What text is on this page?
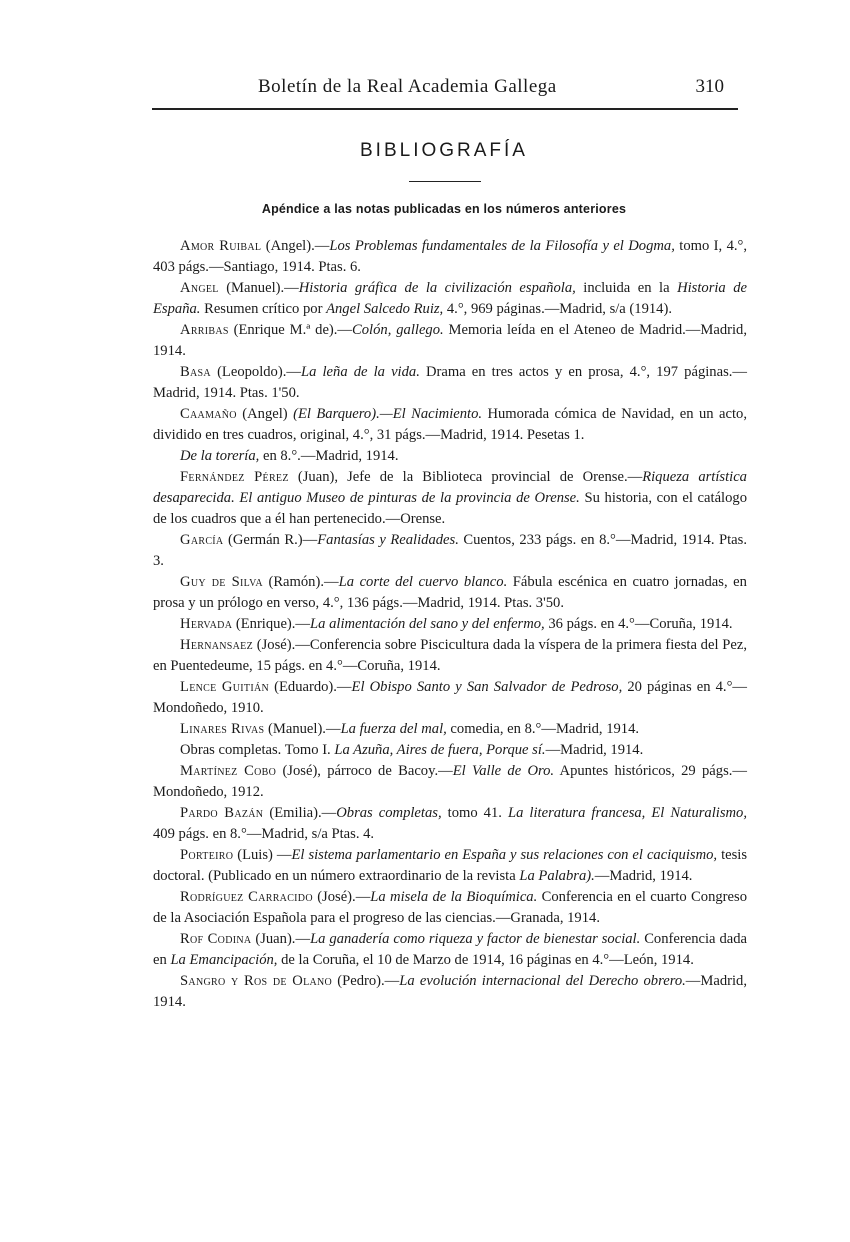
Boletín de la Real Academia Gallega	310
BIBLIOGRAFÍA
Apéndice a las notas publicadas en los números anteriores

Amor Ruibal (Angel).—Los Problemas fundamentales de la Filosofía y el Dogma, tomo I, 4.°, 403 págs.—Santiago, 1914. Ptas. 6.

Angel (Manuel).—Historia gráfica de la civilización española, incluida en la Historia de España. Resumen crítico por Angel Salcedo Ruiz, 4.°, 969 páginas.—Madrid, s/a (1914).

Arribas (Enrique M.ª de).—Colón, gallego. Memoria leída en el Ateneo de Madrid.—Madrid, 1914.

Basa (Leopoldo).—La leña de la vida. Drama en tres actos y en prosa, 4.°, 197 páginas.—Madrid, 1914. Ptas. 1'50.

Caamaño (Angel) (El Barquero).—El Nacimiento. Humorada cómica de Navidad, en un acto, dividido en tres cuadros, original, 4.°, 31 págs.—Madrid, 1914. Pesetas 1.

De la torería, en 8.°.—Madrid, 1914.

Fernández Pérez (Juan), Jefe de la Biblioteca provincial de Orense.—Riqueza artística desaparecida. El antiguo Museo de pinturas de la provincia de Orense. Su historia, con el catálogo de los cuadros que a él han pertenecido.—Orense.

García (Germán R.)—Fantasías y Realidades. Cuentos, 233 págs. en 8.°—Madrid, 1914. Ptas. 3.

Guy de Silva (Ramón).—La corte del cuervo blanco. Fábula escénica en cuatro jornadas, en prosa y un prólogo en verso, 4.°, 136 págs.—Madrid, 1914. Ptas. 3'50.

Hervada (Enrique).—La alimentación del sano y del enfermo, 36 págs. en 4.°—Coruña, 1914.

Hernansaez (José).—Conferencia sobre Piscicultura dada la víspera de la primera fiesta del Pez, en Puentedeume, 15 págs. en 4.°—Coruña, 1914.

Lence Guitián (Eduardo).—El Obispo Santo y San Salvador de Pedroso, 20 páginas en 4.°—Mondoñedo, 1910.

Linares Rivas (Manuel).—La fuerza del mal, comedia, en 8.°—Madrid, 1914.

Obras completas. Tomo I. La Azuña, Aires de fuera, Porque sí.—Madrid, 1914.

Martínez Cobo (José), párroco de Bacoy.—El Valle de Oro. Apuntes históricos, 29 págs.—Mondoñedo, 1912.

Pardo Bazán (Emilia).—Obras completas, tomo 41. La literatura francesa, El Naturalismo, 409 págs. en 8.°—Madrid, s/a Ptas. 4.

Porteiro (Luis) —El sistema parlamentario en España y sus relaciones con el caciquismo, tesis doctoral. (Publicado en un número extraordinario de la revista La Palabra).—Madrid, 1914.

Rodríguez Carracido (José).—La misela de la Bioquímica. Conferencia en el cuarto Congreso de la Asociación Española para el progreso de las ciencias.—Granada, 1914.

Rof Codina (Juan).—La ganadería como riqueza y factor de bienestar social. Conferencia dada en La Emancipación, de la Coruña, el 10 de Marzo de 1914, 16 páginas en 4.°—León, 1914.

Sangro y Ros de Olano (Pedro).—La evolución internacional del Derecho obrero.—Madrid, 1914.
